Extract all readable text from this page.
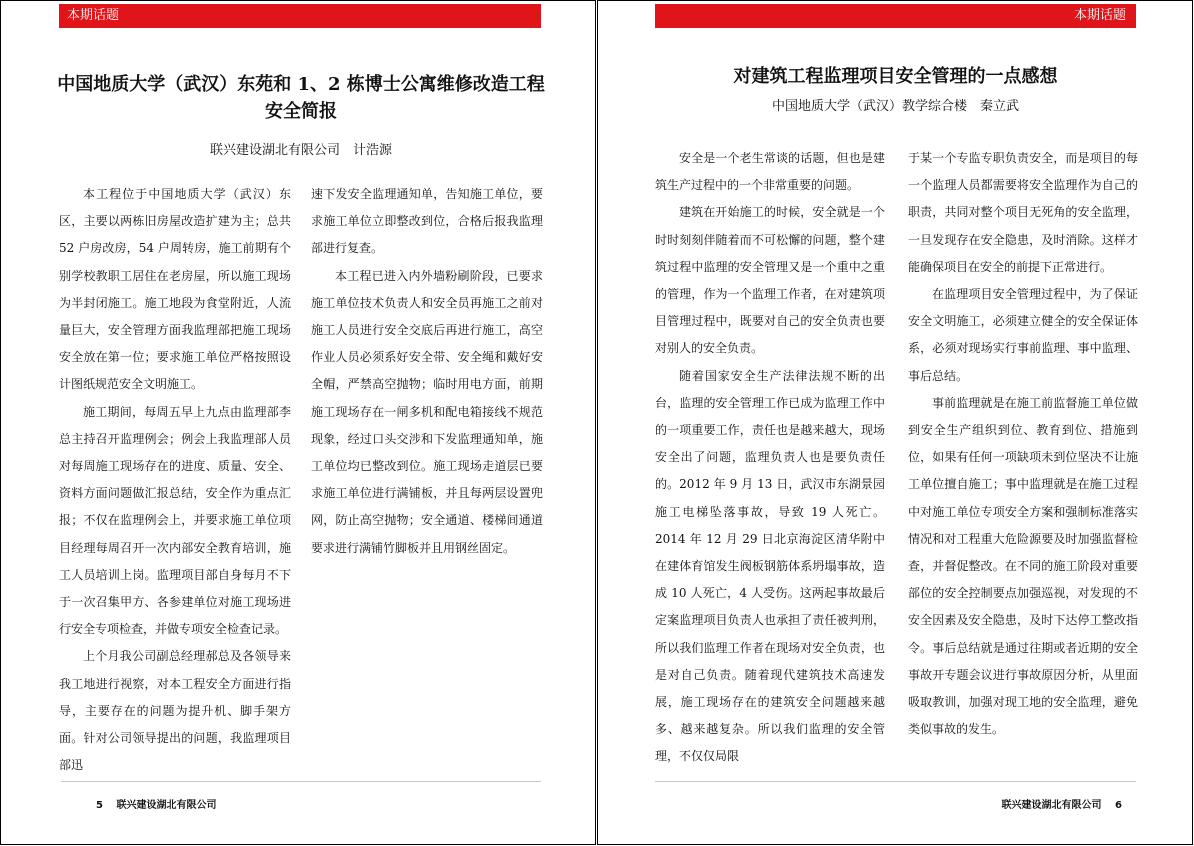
本期话题
中国地质大学（武汉）东苑和 1、2 栋博士公寓维修改造工程
安全简报
联兴建设湖北有限公司　计浩源

本工程位于中国地质大学（武汉）东区，主要以两栋旧房屋改造扩建为主；总共 52 户房改房，54 户周转房，施工前期有个别学校教职工居住在老房屋，所以施工现场为半封闭施工。施工地段为食堂附近，人流量巨大，安全管理方面我监理部把施工现场安全放在第一位；要求施工单位严格按照设计图纸规范安全文明施工。

施工期间，每周五早上九点由监理部李总主持召开监理例会；例会上我监理部人员对每周施工现场存在的进度、质量、安全、资料方面问题做汇报总结，安全作为重点汇报；不仅在监理例会上，并要求施工单位项目经理每周召开一次内部安全教育培训，施工人员培训上岗。监理项目部自身每月不下于一次召集甲方、各参建单位对施工现场进行安全专项检查，并做专项安全检查记录。

上个月我公司副总经理郝总及各领导来我工地进行视察，对本工程安全方面进行指导，主要存在的问题为提升机、脚手架方面。针对公司领导提出的问题，我监理项目部迅

速下发安全监理通知单，告知施工单位，要求施工单位立即整改到位，合格后报我监理部进行复查。

本工程已进入内外墙粉刷阶段，已要求施工单位技术负责人和安全员再施工之前对施工人员进行安全交底后再进行施工，高空作业人员必须系好安全带、安全绳和戴好安全帽，严禁高空抛物；临时用电方面，前期施工现场存在一闸多机和配电箱接线不规范现象，经过口头交涉和下发监理通知单，施工单位均已整改到位。施工现场走道层已要求施工单位进行满铺板，并且每两层设置兜网，防止高空抛物；安全通道、楼梯间通道要求进行满铺竹脚板并且用钢丝固定。

5 联兴建设湖北有限公司
本期话题
对建筑工程监理项目安全管理的一点感想
中国地质大学（武汉）教学综合楼　秦立武

安全是一个老生常谈的话题，但也是建筑生产过程中的一个非常重要的问题。

建筑在开始施工的时候，安全就是一个时时刻刻伴随着而不可松懈的问题，整个建筑过程中监理的安全管理又是一个重中之重的管理，作为一个监理工作者，在对建筑项目管理过程中，既要对自己的安全负责也要对别人的安全负责。

随着国家安全生产法律法规不断的出台，监理的安全管理工作已成为监理工作中的一项重要工作，责任也是越来越大，现场安全出了问题，监理负责人也是要负责任的。2012 年 9 月 13 日，武汉市东湖景园施工电梯坠落事故，导致 19 人死亡。2014 年 12 月 29 日北京海淀区清华附中在建体育馆发生阀板钢筋体系坍塌事故，造成 10 人死亡，4 人受伤。这两起事故最后定案监理项目负责人也承担了责任被判刑，所以我们监理工作者在现场对安全负责，也是对自己负责。随着现代建筑技术高速发展，施工现场存在的建筑安全问题越来越多、越来越复杂。所以我们监理的安全管理，不仅仅局限

于某一个专监专职负责安全，而是项目的每一个监理人员都需要将安全监理作为自己的职责，共同对整个项目无死角的安全监理，一旦发现存在安全隐患，及时消除。这样才能确保项目在安全的前提下正常进行。

在监理项目安全管理过程中，为了保证安全文明施工，必须建立健全的安全保证体系，必须对现场实行事前监理、事中监理、事后总结。

事前监理就是在施工前监督施工单位做到安全生产组织到位、教育到位、措施到位，如果有任何一项缺项未到位坚决不让施工单位擅自施工；事中监理就是在施工过程中对施工单位专项安全方案和强制标准落实情况和对工程重大危险源要及时加强监督检查，并督促整改。在不同的施工阶段对重要部位的安全控制要点加强巡视，对发现的不安全因素及安全隐患，及时下达停工整改指令。事后总结就是通过往期或者近期的安全事故开专题会议进行事故原因分析，从里面吸取教训，加强对现工地的安全监理，避免类似事故的发生。

联兴建设湖北有限公司 6
